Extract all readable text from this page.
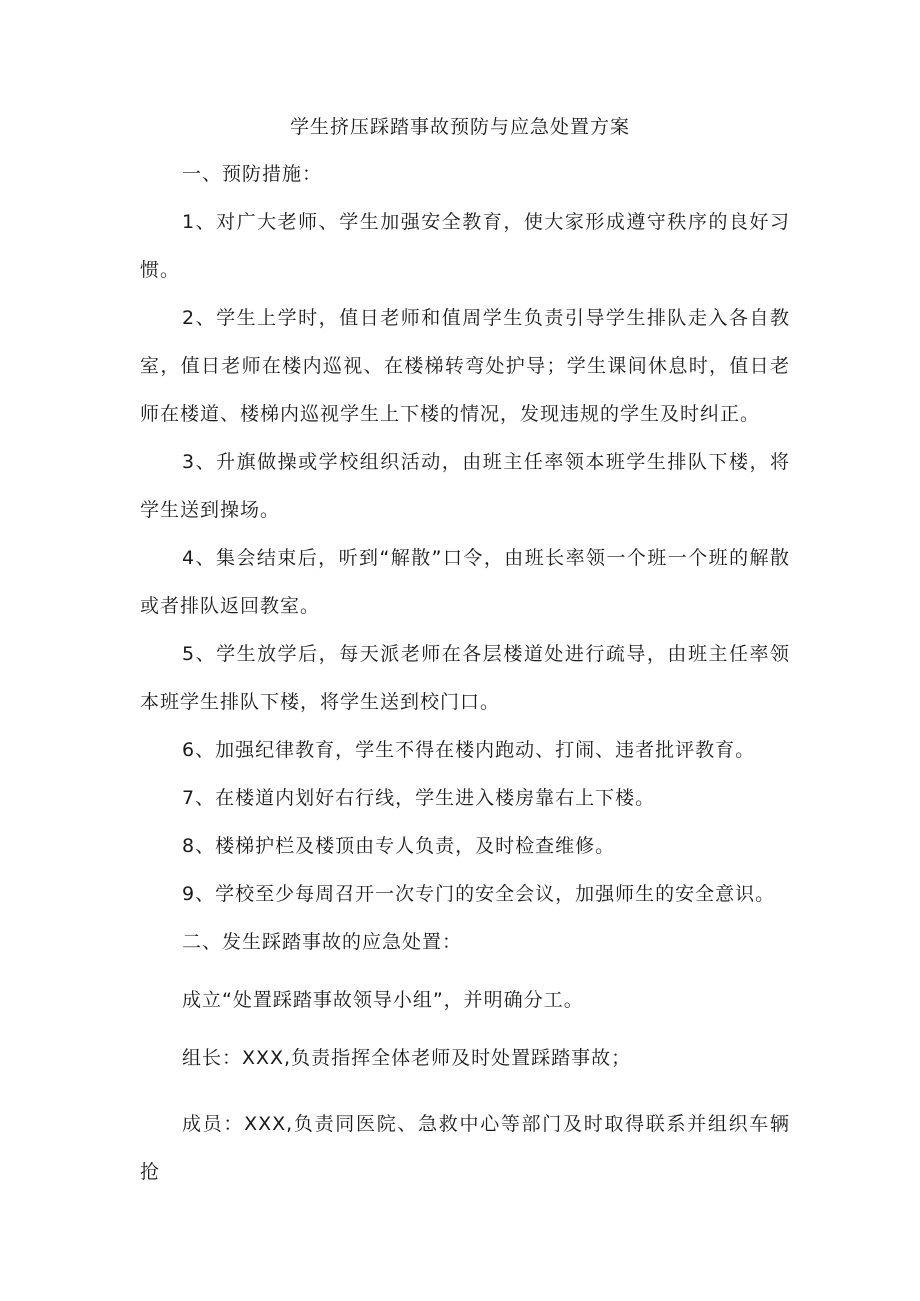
学生挤压踩踏事故预防与应急处置方案
一、预防措施：
1、对广大老师、学生加强安全教育，使大家形成遵守秩序的良好习惯。
2、学生上学时，值日老师和值周学生负责引导学生排队走入各自教室，值日老师在楼内巡视、在楼梯转弯处护导；学生课间休息时，值日老师在楼道、楼梯内巡视学生上下楼的情况，发现违规的学生及时纠正。
3、升旗做操或学校组织活动，由班主任率领本班学生排队下楼，将学生送到操场。
4、集会结束后，听到“解散”口令，由班长率领一个班一个班的解散或者排队返回教室。
5、学生放学后，每天派老师在各层楼道处进行疏导，由班主任率领本班学生排队下楼，将学生送到校门口。
6、加强纪律教育，学生不得在楼内跑动、打闹、违者批评教育。
7、在楼道内划好右行线，学生进入楼房靠右上下楼。
8、楼梯护栏及楼顶由专人负责，及时检查维修。
9、学校至少每周召开一次专门的安全会议，加强师生的安全意识。
二、发生踩踏事故的应急处置：
成立“处置踩踏事故领导小组”，并明确分工。
组长：XXX,负责指挥全体老师及时处置踩踏事故；
成员：XXX,负责同医院、急救中心等部门及时取得联系并组织车辆抢
